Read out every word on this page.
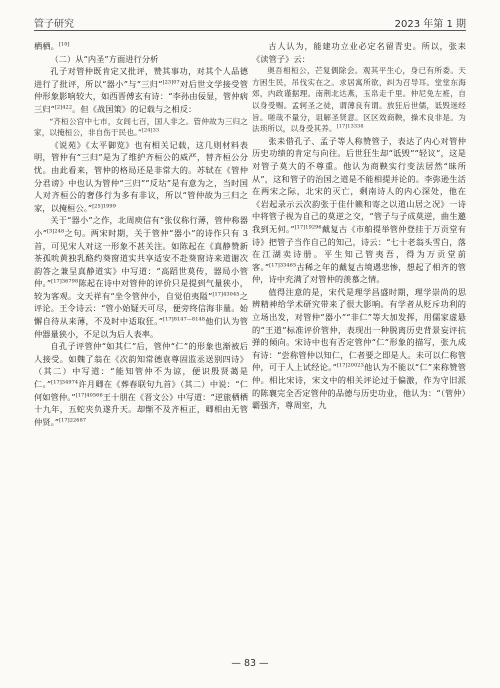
管子研究	2023 年第 1 期

栖栖。[10]

（二）从“内圣”方面进行分析

孔子对管仲既肯定又批评，赞其事功，对其个人品德进行了批评，所以“器小”与“三归”$^{[23]07}$对后世文学接受管仲形象影响较大，如西晋傅玄有诗：“李孙由佞显，管仲病三归”$^{[2]422}$。但《战国策》的记载与之相反：

“齐桓公宫中七市，女闾七百，国人非之。管仲故为三归之家，以掩桓公，非自伤于民也。”$^{[24]33}$

《说苑》《太平御览》也有相关记载，这几则材料表明，管仲有“三归”是为了维护齐桓公的威严，替齐桓公分忧。由此看来，管仲的格局还是非常大的。苏轼在《管仲分君谤》中也认为管仲“三归”“反坫”是有意为之，当时国人对齐桓公的奢侈行为多有非议，所以“管仲故为三归之家，以掩桓公。”$^{[25]1999}$

关于“器小”之作，北周庾信有“张仪称行薄，管仲称器小”$^{[3]248}$之句。两宋时期，关于管仲“器小”的诗作只有 3 首，可见宋人对这一形象不甚关注。如陈起在《真静赞新茶孤吮黄独乳酪约葵窗道实共享适安不赴葵窗诗来道谢次韵答之兼呈真静道实》中写道：“高蹈世莫传，器局小管仲。”$^{[17]36798}$陈起在诗中对管仲的评价只是提到气量狭小，较为客观。文天祥有“坐令管仲小，自觉伯夷隘”$^{[17]43045}$之评论。王令诗云：“管小始疑天可尽，便旁终信海非量。始懈自待从来薄，不及时中适取狂。”$^{[17]8147—8148}$他们认为管仲器量狭小，不足以为后人表率。

自孔子评管仲“如其仁”后，管仲“仁”的形象也渐被后人接受。如魏了翁在《次韵知常德袁尊固监丞送别四诗》（其二）中写道：“能知管仲不为谅，便识殷贤蔼是仁。”$^{[17]34974}$许月卿在《葬春联句九首》（其二）中说：“仁何如管仲。”$^{[17]40566}$王十朋在《晋文公》中写道：“逆旅栖栖十九年，五蛇夹负遂升天。却惭不及齐桓正，卿相由无管仲贤。”$^{[17]22687}$

古人认为，能建功立业必定名留青史。所以，张耒《读管子》云：

奥吾相桓公，芒复偶除会。观其平生心，身已有所委。天方困生民，吊伐实在之。求居寓所欲，纠为召导耳。堂堂东海郊，内政谨据理。南荆北达燕，玉帛走千里。仲尼免左袵，自以身受赐。孟轲圣之徒，谓薄良有谓。放狂后世儒，诋毁迷经旨。嗟哉不量分，诅解圣贤意。区区效商鞅，操术良非是。为法琐所以，以身受其养。$^{[17]13338}$

张耒借孔子、孟子等人称赞管子，表达了内心对管仲历史功绩的肯定与向往。后世狂生却“诋毁”“轻议”，这是对管子莫大的不尊重。他认为商鞅实行变法居然“昧所从”，这和管子的治国之道是不能相提并论的。李弥逊生活在两宋之际，北宋的灭亡，剩南诗人的内心深处，他在《岩起录示云次韵张于佳什籁和寄之以道山居之况》一诗中将管子视为自己的莫逆之交，“管子与子成莫逆，曲生邀我到无何。”$^{[17]19296}$戴复古《市舶提举管仲登挂于万贡堂有诗》把管子当作自己的知己，诗云：“七十老翁头雪白，落在江湖卖诗册。平生知己管夷吾，得为万贡堂前客。”$^{[17]33465}$古稀之年的戴复古境遇悲惨，想起了相齐的管仲，诗中充满了对管仲的羡慕之情。

值得注意的是，宋代是理学昌盛时期，理学崇尚的思辨精神给学术研究带来了很大影响。有学者从贬斥功利的立场出发，对管仲“器小”“非仁”等大加发挥，用儒家虚悬的“王道”标准评价管仲，表现出一种脱离历史背景妄评抗弹的倾向。宋诗中也有否定管仲“仁”形象的描写，张九成有诗：“尝称管仲以知仁，仁者要之即是人。未可以仁称管仲，可于人上试经论。”$^{[17]20023}$他认为不能以“仁”来称赞管仲。相比宋诗，宋文中的相关评论过于偏激，作为守旧派的陈襄完全否定管仲的品德与历史功业，他认为：“（管仲）霸强齐，尊周室，九

— 83 —
